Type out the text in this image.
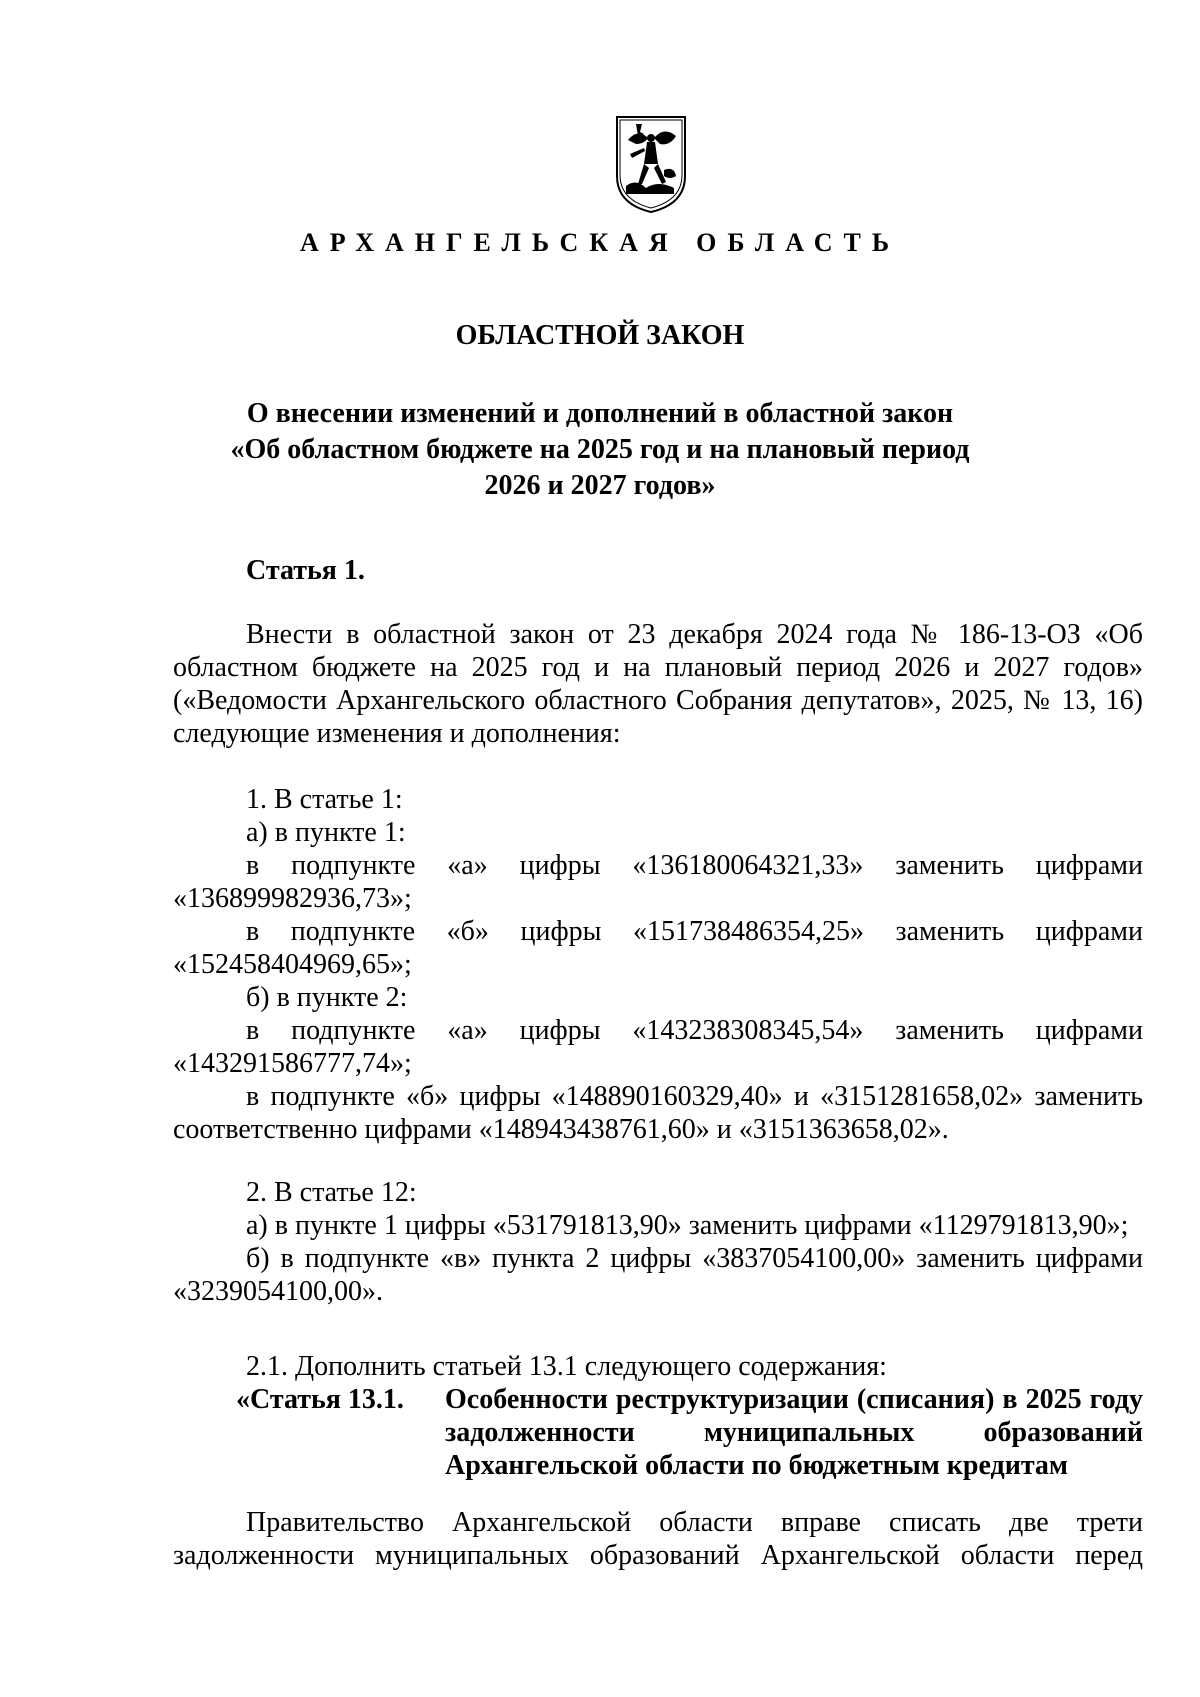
АРХАНГЕЛЬСКАЯ ОБЛАСТЬ
ОБЛАСТНОЙ ЗАКОН
О внесении изменений и дополнений в областной закон
«Об областном бюджете на 2025 год и на плановый период
2026 и 2027 годов»
Статья 1.

Внести в областной закон от 23 декабря 2024 года № 186-13-ОЗ «Об областном бюджете на 2025 год и на плановый период 2026 и 2027 годов» («Ведомости Архангельского областного Собрания депутатов», 2025, № 13, 16) следующие изменения и дополнения:

1. В статье 1:

а) в пункте 1:

в подпункте «а» цифры «136180064321,33» заменить цифрами

«136899982936,73»;

в подпункте «б» цифры «151738486354,25» заменить цифрами

«152458404969,65»;

б) в пункте 2:

в подпункте «а» цифры «143238308345,54» заменить цифрами

«143291586777,74»;

в подпункте «б» цифры «148890160329,40» и «3151281658,02» заменить соответственно цифрами «148943438761,60» и «3151363658,02».

2. В статье 12:

а) в пункте 1 цифры «531791813,90» заменить цифрами «1129791813,90»;

б) в подпункте «в» пункта 2 цифры «3837054100,00» заменить цифрами «3239054100,00».

2.1. Дополнить статьей 13.1 следующего содержания:

«Статья 13.1.	Особенности реструктуризации (списания) в 2025 году задолженности муниципальных образований Архангельской области по бюджетным кредитам

Правительство Архангельской области вправе списать две трети задолженности муниципальных образований Архангельской области перед
